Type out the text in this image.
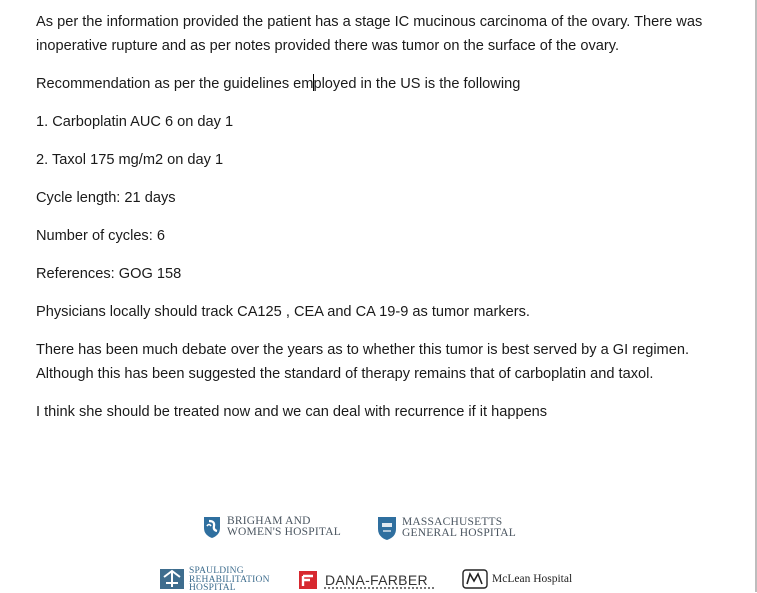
As per the information provided the patient has a stage IC mucinous carcinoma of the ovary. There was inoperative rupture and as per notes provided there was tumor on the surface of the ovary.

Recommendation as per the guidelines employed in the US is the following

1. Carboplatin AUC 6 on day 1

2. Taxol 175 mg/m2 on day 1

Cycle length: 21 days

Number of cycles: 6

References: GOG 158

Physicians locally should track CA125 , CEA and CA 19-9 as tumor markers.

There has been much debate over the years as to whether this tumor is best served by a GI regimen. Although this has been suggested the standard of therapy remains that of carboplatin and taxol.

I think she should be treated now and we can deal with recurrence if it happens

BRIGHAM AND
WOMEN'S HOSPITAL
MASSACHUSETTS
GENERAL HOSPITAL
SPAULDING
REHABILITATION
HOSPITAL	DANA-FARBER	McLean Hospital
